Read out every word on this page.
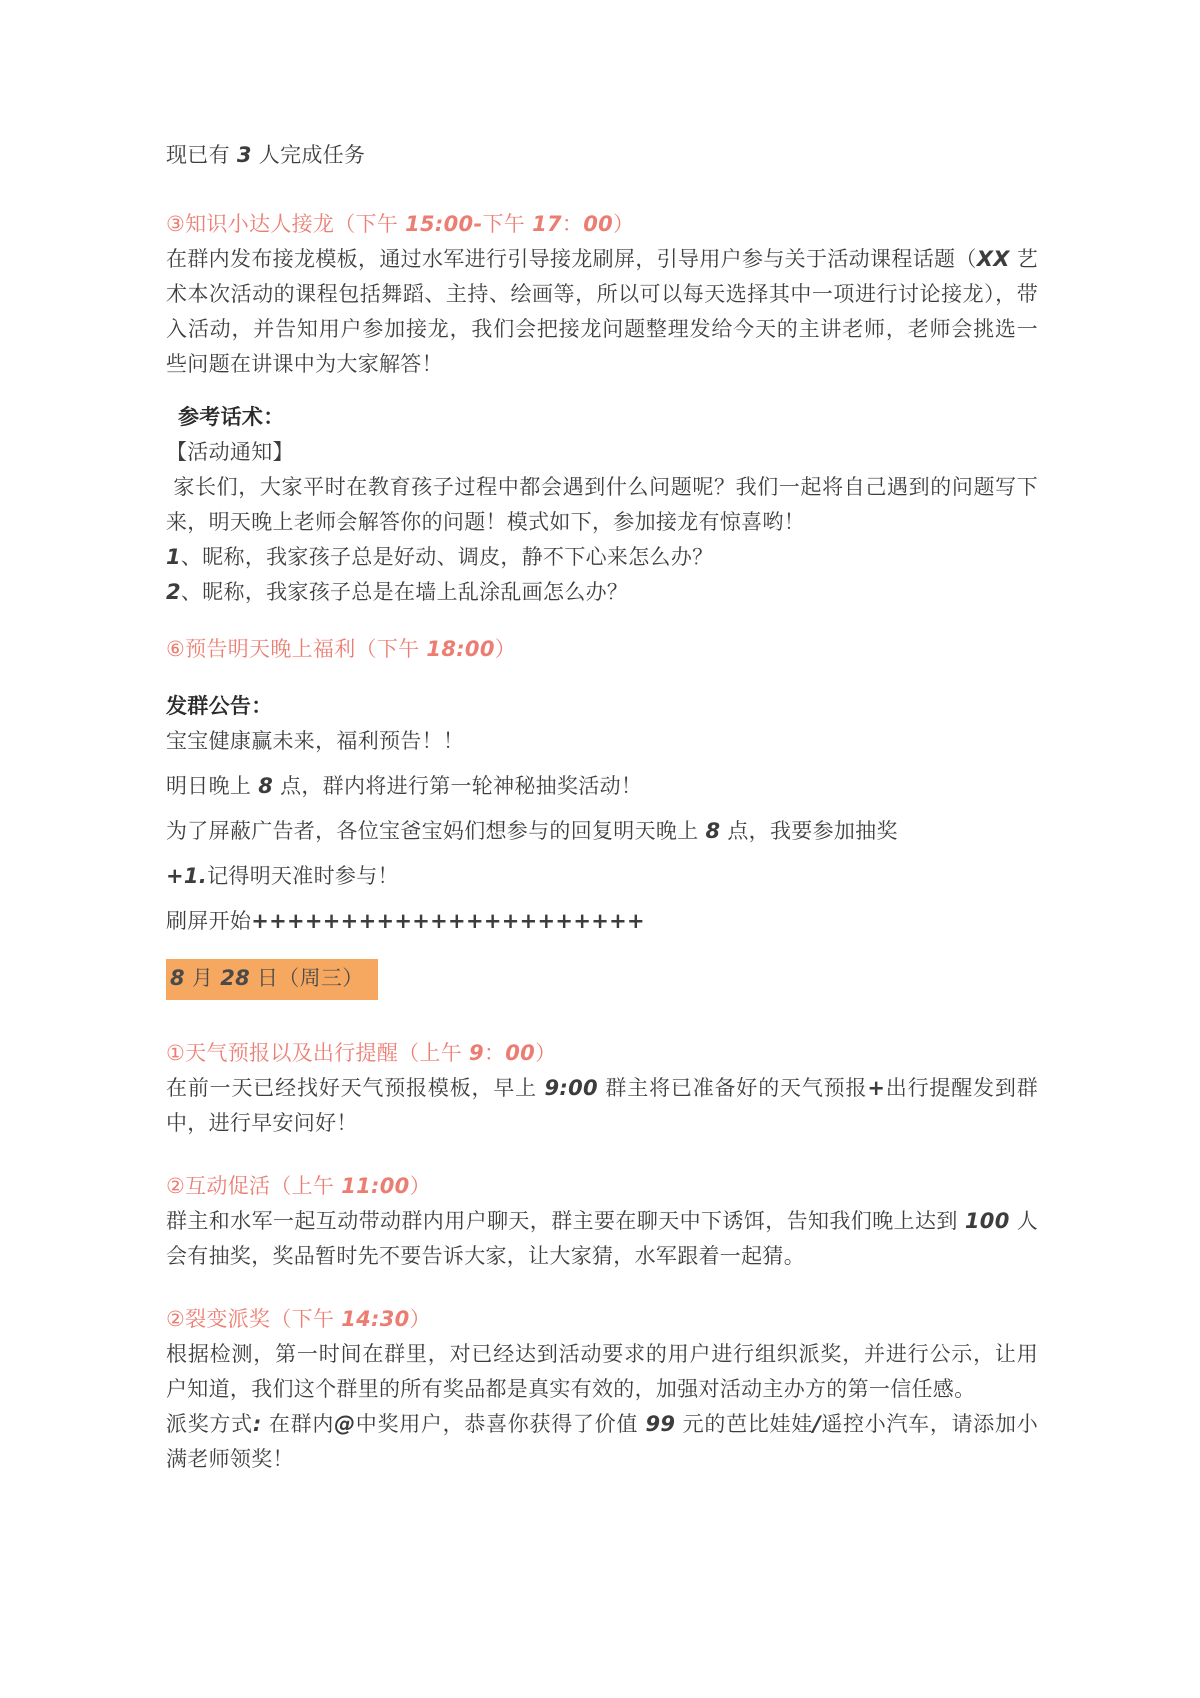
现已有 3 人完成任务

③知识小达人接龙（下午 15:00-下午 17：00）

在群内发布接龙模板，通过水军进行引导接龙刷屏，引导用户参与关于活动课程话题（XX 艺术本次活动的课程包括舞蹈、主持、绘画等，所以可以每天选择其中一项进行讨论接龙），带入活动，并告知用户参加接龙，我们会把接龙问题整理发给今天的主讲老师，老师会挑选一些问题在讲课中为大家解答！

参考话术：

【活动通知】

家长们，大家平时在教育孩子过程中都会遇到什么问题呢？我们一起将自己遇到的问题写下来，明天晚上老师会解答你的问题！模式如下，参加接龙有惊喜哟！

1、昵称，我家孩子总是好动、调皮，静不下心来怎么办？

2、昵称，我家孩子总是在墙上乱涂乱画怎么办？

⑥预告明天晚上福利（下午 18:00）

发群公告：

宝宝健康赢未来，福利预告！！

明日晚上 8 点，群内将进行第一轮神秘抽奖活动！

为了屏蔽广告者，各位宝爸宝妈们想参与的回复明天晚上 8 点，我要参加抽奖

+1.记得明天准时参与！

刷屏开始++++++++++++++++++++++

8 月 28 日（周三）

①天气预报以及出行提醒（上午 9：00）

在前一天已经找好天气预报模板，早上 9:00 群主将已准备好的天气预报+出行提醒发到群中，进行早安问好！

②互动促活（上午 11:00）

群主和水军一起互动带动群内用户聊天，群主要在聊天中下诱饵，告知我们晚上达到 100 人会有抽奖，奖品暂时先不要告诉大家，让大家猜，水军跟着一起猜。

②裂变派奖（下午 14:30）

根据检测，第一时间在群里，对已经达到活动要求的用户进行组织派奖，并进行公示，让用户知道，我们这个群里的所有奖品都是真实有效的，加强对活动主办方的第一信任感。

派奖方式: 在群内@中奖用户，恭喜你获得了价值 99 元的芭比娃娃/遥控小汽车，请添加小满老师领奖！
